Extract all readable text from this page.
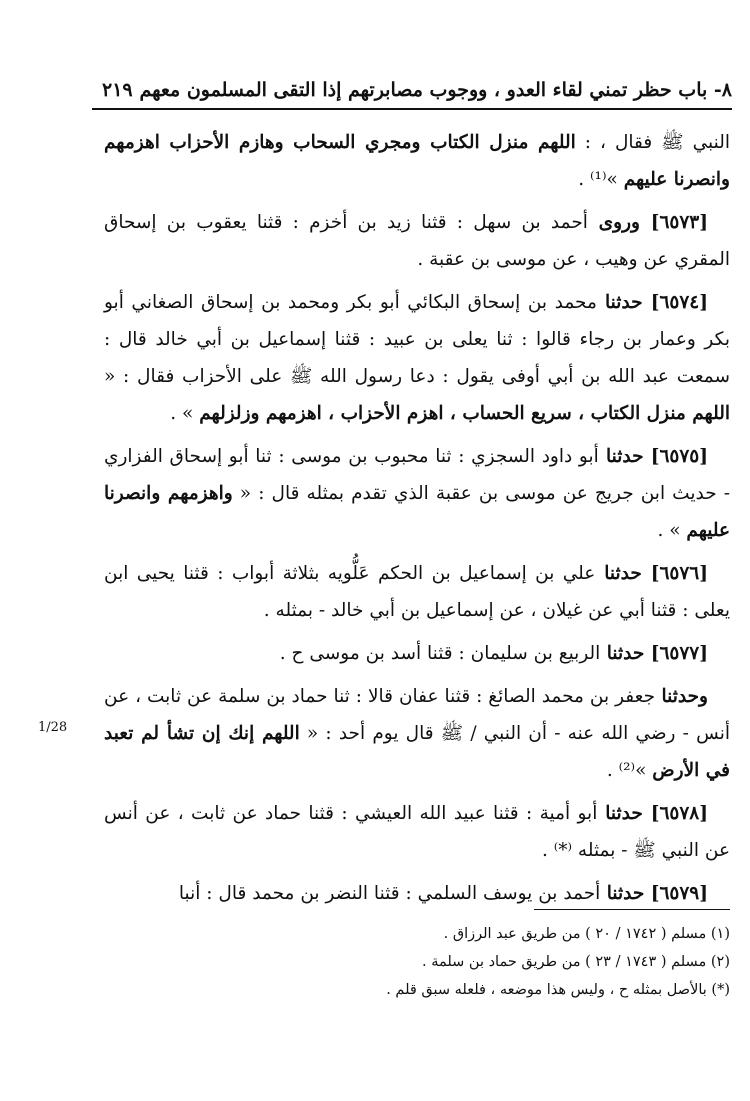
٨- باب حظر تمني لقاء العدو ، ووجوب مصابرتهم إذا التقى المسلمون معهم
٢١٩
1/28

النبي ﷺ فقال ، : اللهم منزل الكتاب ومجري السحاب وهازم الأحزاب اهزمهم وانصرنا عليهم »⁽¹⁾ .

[٦٥٧٣] وروى أحمد بن سهل : قثنا زيد بن أخزم : قثنا يعقوب بن إسحاق المقري عن وهيب ، عن موسى بن عقبة .

[٦٥٧٤] حدثنا محمد بن إسحاق البكائي أبو بكر ومحمد بن إسحاق الصغاني أبو بكر وعمار بن رجاء قالوا : ثنا يعلى بن عبيد : قثنا إسماعيل بن أبي خالد قال : سمعت عبد الله بن أبي أوفى يقول : دعا رسول الله ﷺ على الأحزاب فقال : « اللهم منزل الكتاب ، سريع الحساب ، اهزم الأحزاب ، اهزمهم وزلزلهم » .

[٦٥٧٥] حدثنا أبو داود السجزي : ثنا محبوب بن موسى : ثنا أبو إسحاق الفزاري - حديث ابن جريج عن موسى بن عقبة الذي تقدم بمثله قال : « واهزمهم وانصرنا عليهم » .

[٦٥٧٦] حدثنا علي بن إسماعيل بن الحكم عَلُّويه بثلاثة أبواب : قثنا يحيى ابن يعلى : قثنا أبي عن غيلان ، عن إسماعيل بن أبي خالد - بمثله .

[٦٥٧٧] حدثنا الربيع بن سليمان : قثنا أسد بن موسى ح .

وحدثنا جعفر بن محمد الصائغ : قثنا عفان قالا : ثنا حماد بن سلمة عن ثابت ، عن أنس - رضي الله عنه - أن النبي / ﷺ قال يوم أحد : « اللهم إنك إن تشأ لم تعبد في الأرض »⁽²⁾ .

[٦٥٧٨] حدثنا أبو أمية : قثنا عبيد الله العيشي : قثنا حماد عن ثابت ، عن أنس عن النبي ﷺ - بمثله ⁽*⁾ .

[٦٥٧٩] حدثنا أحمد بن يوسف السلمي : قثنا النضر بن محمد قال : أنبا

(١) مسلم ( ١٧٤٢ / ٢٠ ) من طريق عبد الرزاق .

(٢) مسلم ( ١٧٤٣ / ٢٣ ) من طريق حماد بن سلمة .

(*) بالأصل بمثله ح ، وليس هذا موضعه ، فلعله سبق قلم .
